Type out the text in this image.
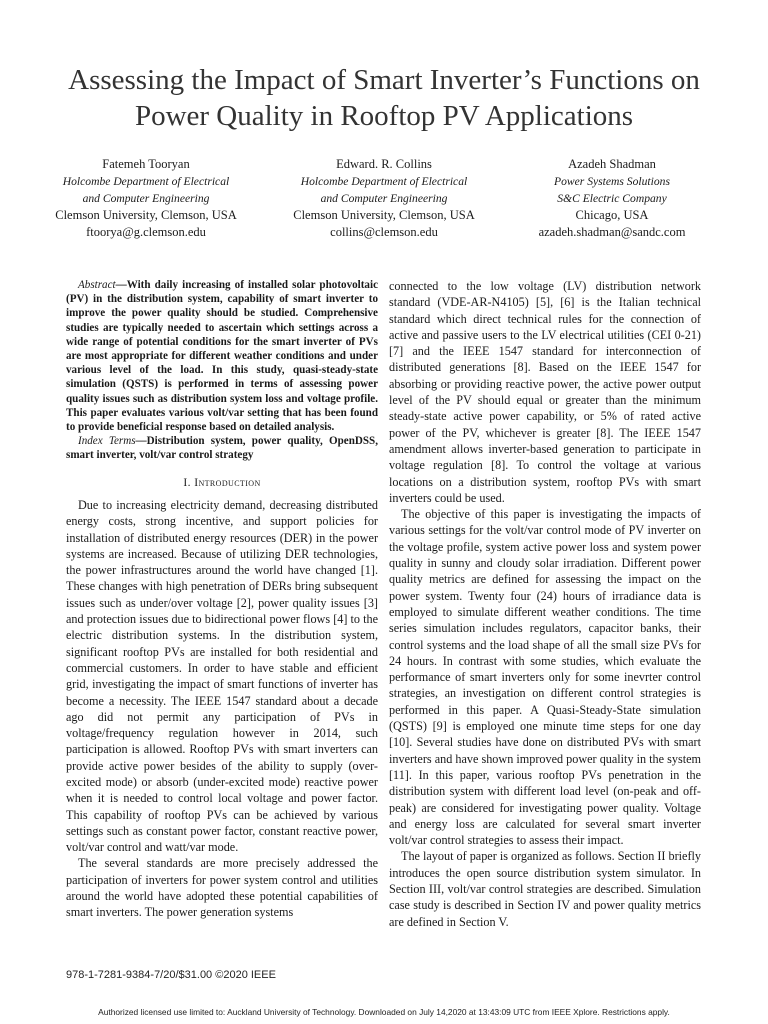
Assessing the Impact of Smart Inverter’s Functions on Power Quality in Rooftop PV Applications
Fatemeh Tooryan
Holcombe Department of Electrical
and Computer Engineering
Clemson University, Clemson, USA
ftoorya@g.clemson.edu
Edward. R. Collins
Holcombe Department of Electrical
and Computer Engineering
Clemson University, Clemson, USA
collins@clemson.edu
Azadeh Shadman
Power Systems Solutions
S&C Electric Company
Chicago, USA
azadeh.shadman@sandc.com

Abstract—With daily increasing of installed solar photovoltaic (PV) in the distribution system, capability of smart inverter to improve the power quality should be studied. Comprehensive studies are typically needed to ascertain which settings across a wide range of potential conditions for the smart inverter of PVs are most appropriate for different weather conditions and under various level of the load. In this study, quasi-steady-state simulation (QSTS) is performed in terms of assessing power quality issues such as distribution system loss and voltage profile. This paper evaluates various volt/var setting that has been found to provide beneficial response based on detailed analysis.

Index Terms—Distribution system, power quality, OpenDSS, smart inverter, volt/var control strategy

I. Introduction

Due to increasing electricity demand, decreasing distributed energy costs, strong incentive, and support policies for installation of distributed energy resources (DER) in the power systems are increased. Because of utilizing DER technologies, the power infrastructures around the world have changed [1]. These changes with high penetration of DERs bring subsequent issues such as under/over voltage [2], power quality issues [3] and protection issues due to bidirectional power flows [4] to the electric distribution systems. In the distribution system, significant rooftop PVs are installed for both residential and commercial customers. In order to have stable and efficient grid, investigating the impact of smart functions of inverter has become a necessity. The IEEE 1547 standard about a decade ago did not permit any participation of PVs in voltage/frequency regulation however in 2014, such participation is allowed. Rooftop PVs with smart inverters can provide active power besides of the ability to supply (over-excited mode) or absorb (under-excited mode) reactive power when it is needed to control local voltage and power factor. This capability of rooftop PVs can be achieved by various settings such as constant power factor, constant reactive power, volt/var control and watt/var mode.

The several standards are more precisely addressed the participation of inverters for power system control and utilities around the world have adopted these potential capabilities of smart inverters. The power generation systems

connected to the low voltage (LV) distribution network standard (VDE-AR-N4105) [5], [6] is the Italian technical standard which direct technical rules for the connection of active and passive users to the LV electrical utilities (CEI 0-21) [7] and the IEEE 1547 standard for interconnection of distributed generations [8]. Based on the IEEE 1547 for absorbing or providing reactive power, the active power output level of the PV should equal or greater than the minimum steady-state active power capability, or 5% of rated active power of the PV, whichever is greater [8]. The IEEE 1547 amendment allows inverter-based generation to participate in voltage regulation [8]. To control the voltage at various locations on a distribution system, rooftop PVs with smart inverters could be used.

The objective of this paper is investigating the impacts of various settings for the volt/var control mode of PV inverter on the voltage profile, system active power loss and system power quality in sunny and cloudy solar irradiation. Different power quality metrics are defined for assessing the impact on the power system. Twenty four (24) hours of irradiance data is employed to simulate different weather conditions. The time series simulation includes regulators, capacitor banks, their control systems and the load shape of all the small size PVs for 24 hours. In contrast with some studies, which evaluate the performance of smart inverters only for some inevrter control strategies, an investigation on different control strategies is performed in this paper. A Quasi-Steady-State simulation (QSTS) [9] is employed one minute time steps for one day [10]. Several studies have done on distributed PVs with smart inverters and have shown improved power quality in the system [11]. In this paper, various rooftop PVs penetration in the distribution system with different load level (on-peak and off-peak) are considered for investigating power quality. Voltage and energy loss are calculated for several smart inverter volt/var control strategies to assess their impact.

The layout of paper is organized as follows. Section II briefly introduces the open source distribution system simulator. In Section III, volt/var control strategies are described. Simulation case study is described in Section IV and power quality metrics are defined in Section V.

978-1-7281-9384-7/20/$31.00 ©2020 IEEE
Authorized licensed use limited to: Auckland University of Technology. Downloaded on July 14,2020 at 13:43:09 UTC from IEEE Xplore. Restrictions apply.
